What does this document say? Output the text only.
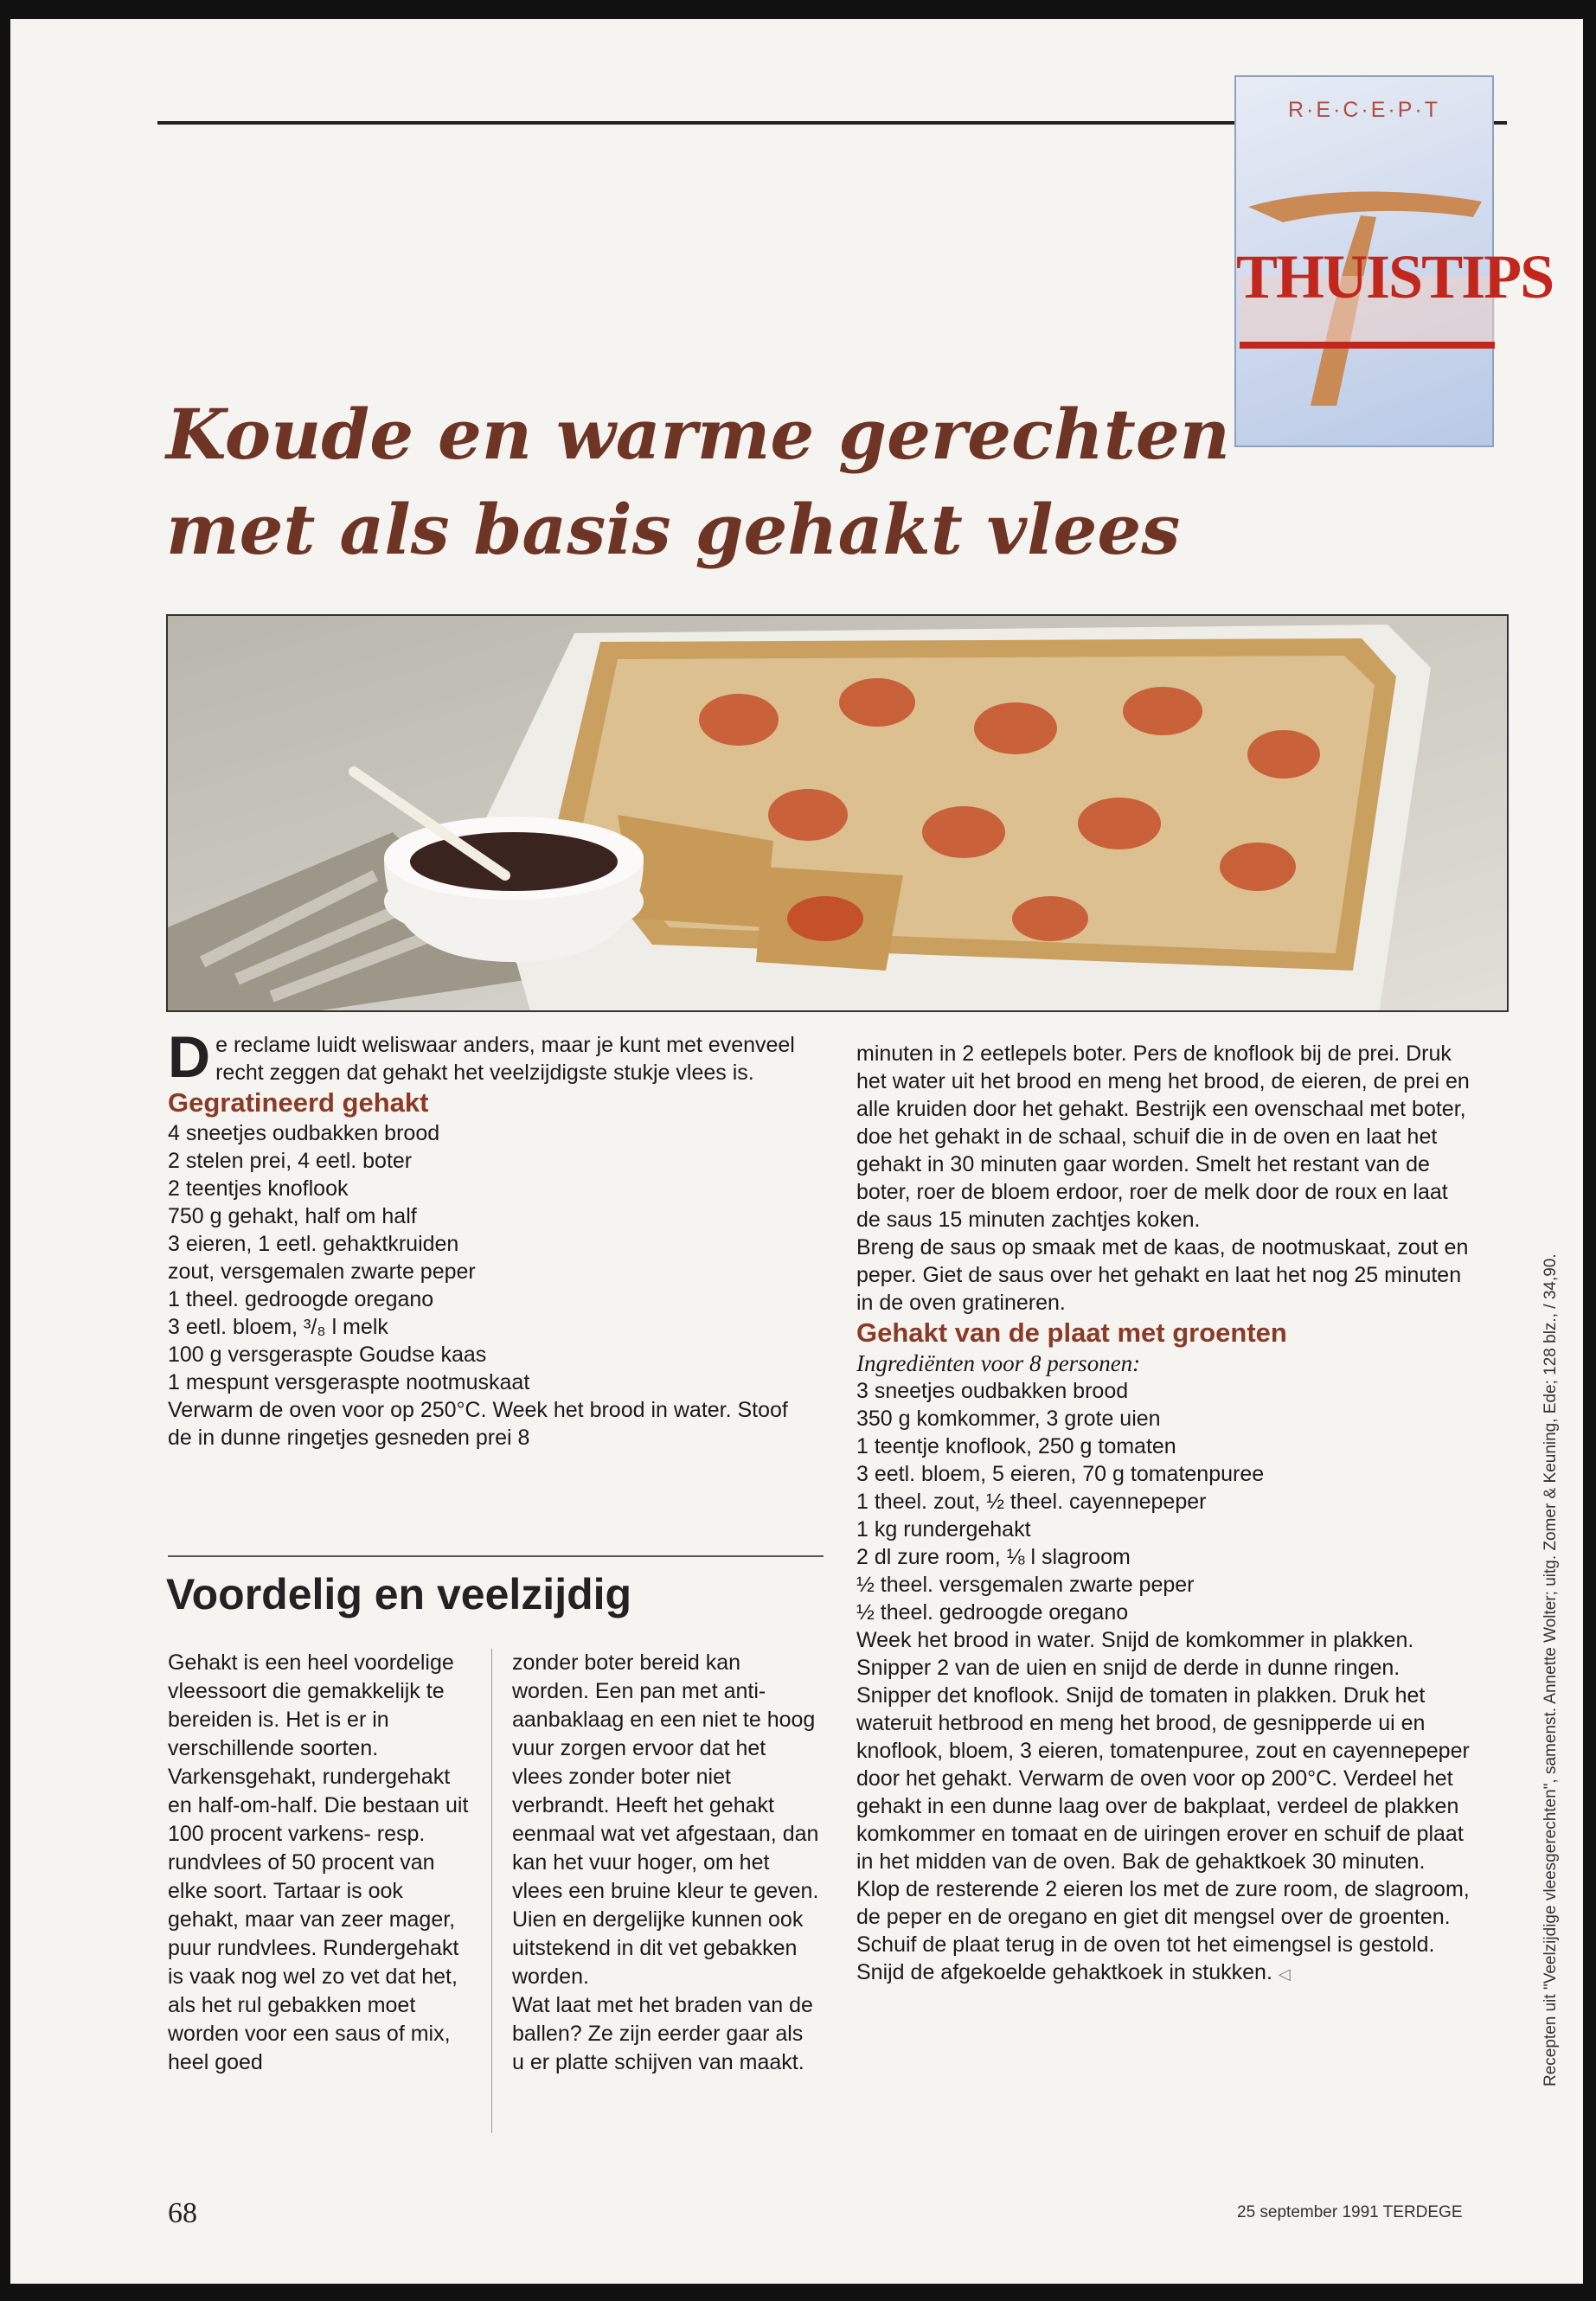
R·E·C·E·P·T
THUISTIPS
Koude en warme gerechten
met als basis gehakt vlees

De reclame luidt weliswaar anders, maar je kunt met evenveel recht zeggen dat gehakt het veelzijdigste stukje vlees is.

Gegratineerd gehakt
4 sneetjes oudbakken brood
2 stelen prei, 4 eetl. boter
2 teentjes knoflook
750 g gehakt, half om half
3 eieren, 1 eetl. gehaktkruiden
zout, versgemalen zwarte peper
1 theel. gedroogde oregano
3 eetl. bloem, ³/₈ l melk
100 g versgeraspte Goudse kaas
1 mespunt versgeraspte nootmuskaat

Verwarm de oven voor op 250°C. Week het brood in water. Stoof de in dunne ringetjes gesneden prei 8

Voordelig en veelzijdig
Gehakt is een heel voordelige vleessoort die gemakkelijk te bereiden is. Het is er in verschillende soorten. Varkensgehakt, rundergehakt en half-om-half. Die bestaan uit 100 procent varkens- resp. rundvlees of 50 procent van elke soort. Tartaar is ook gehakt, maar van zeer mager, puur rundvlees. Rundergehakt is vaak nog wel zo vet dat het, als het rul gebakken moet worden voor een saus of mix, heel goed

zonder boter bereid kan worden. Een pan met anti-aanbaklaag en een niet te hoog vuur zorgen ervoor dat het vlees zonder boter niet verbrandt. Heeft het gehakt eenmaal wat vet afgestaan, dan kan het vuur hoger, om het vlees een bruine kleur te geven. Uien en dergelijke kunnen ook uitstekend in dit vet gebakken worden.

Wat laat met het braden van de ballen? Ze zijn eerder gaar als u er platte schijven van maakt.

minuten in 2 eetlepels boter. Pers de knoflook bij de prei. Druk het water uit het brood en meng het brood, de eieren, de prei en alle kruiden door het gehakt. Bestrijk een ovenschaal met boter, doe het gehakt in de schaal, schuif die in de oven en laat het gehakt in 30 minuten gaar worden. Smelt het restant van de boter, roer de bloem erdoor, roer de melk door de roux en laat de saus 15 minuten zachtjes koken.

Breng de saus op smaak met de kaas, de nootmuskaat, zout en peper. Giet de saus over het gehakt en laat het nog 25 minuten in de oven gratineren.

Gehakt van de plaat met groenten
Ingrediënten voor 8 personen:
3 sneetjes oudbakken brood
350 g komkommer, 3 grote uien
1 teentje knoflook, 250 g tomaten
3 eetl. bloem, 5 eieren, 70 g tomatenpuree
1 theel. zout, ½ theel. cayennepeper
1 kg rundergehakt
2 dl zure room, ⅛ l slagroom
½ theel. versgemalen zwarte peper
½ theel. gedroogde oregano

Week het brood in water. Snijd de komkommer in plakken. Snipper 2 van de uien en snijd de derde in dunne ringen. Snipper det knoflook. Snijd de tomaten in plakken. Druk het wateruit hetbrood en meng het brood, de gesnipperde ui en knoflook, bloem, 3 eieren, tomatenpuree, zout en cayennepeper door het gehakt. Verwarm de oven voor op 200°C. Verdeel het gehakt in een dunne laag over de bakplaat, verdeel de plakken komkommer en tomaat en de uiringen erover en schuif de plaat in het midden van de oven. Bak de gehaktkoek 30 minuten. Klop de resterende 2 eieren los met de zure room, de slagroom, de peper en de oregano en giet dit mengsel over de groenten. Schuif de plaat terug in de oven tot het eimengsel is gestold. Snijd de afgekoelde gehaktkoek in stukken. ◁	Recepten uit "Veelzijdige vleesgerechten", samenst. Annette Wolter; uitg. Zomer & Keuning, Ede; 128 blz., / 34,90.
68	25 september 1991 TERDEGE
